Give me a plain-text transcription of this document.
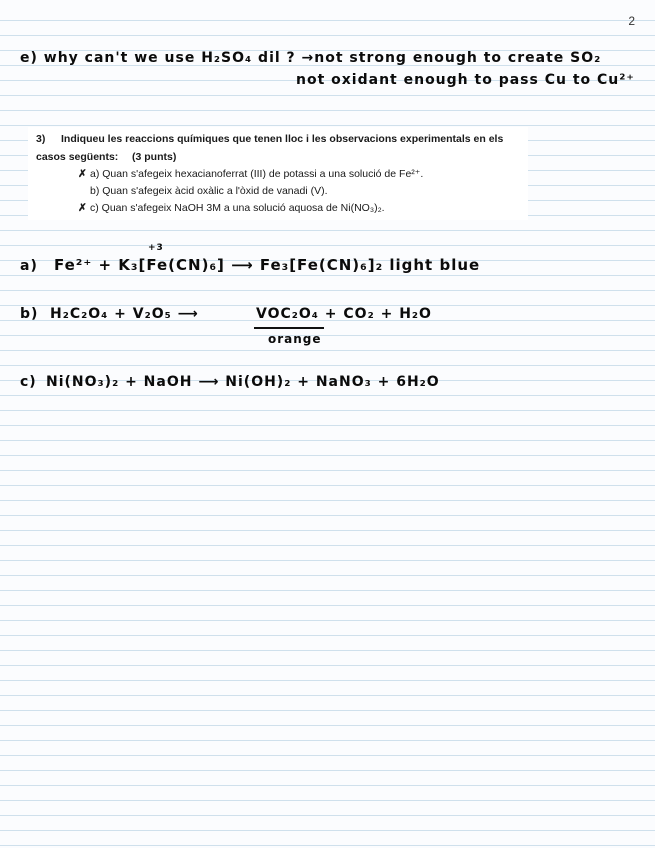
2
e) why can't we use H₂SO₄ dil ? →not strong enough to create SO₂
not oxidant enough to pass Cu to Cu²⁺
3) Indiqueu les reaccions químiques que tenen lloc i les observacions experimentals en els
casos següents: (3 punts)
✗ a) Quan s'afegeix hexacianoferrat (III) de potassi a una solució de Fe²⁺.
b) Quan s'afegeix àcid oxàlic a l'òxid de vanadi (V).
✗ c) Quan s'afegeix NaOH 3M a una solució aquosa de Ni(NO₃)₂.
a)
+3
Fe²⁺ + K₃[Fe(CN)₆] ⟶ Fe₃[Fe(CN)₆]₂ light blue
b) H₂C₂O₄ + V₂O₅ ⟶	VOC₂O₄ + CO₂ + H₂O
orange
c) Ni(NO₃)₂ + NaOH ⟶ Ni(OH)₂ + NaNO₃ + 6H₂O
